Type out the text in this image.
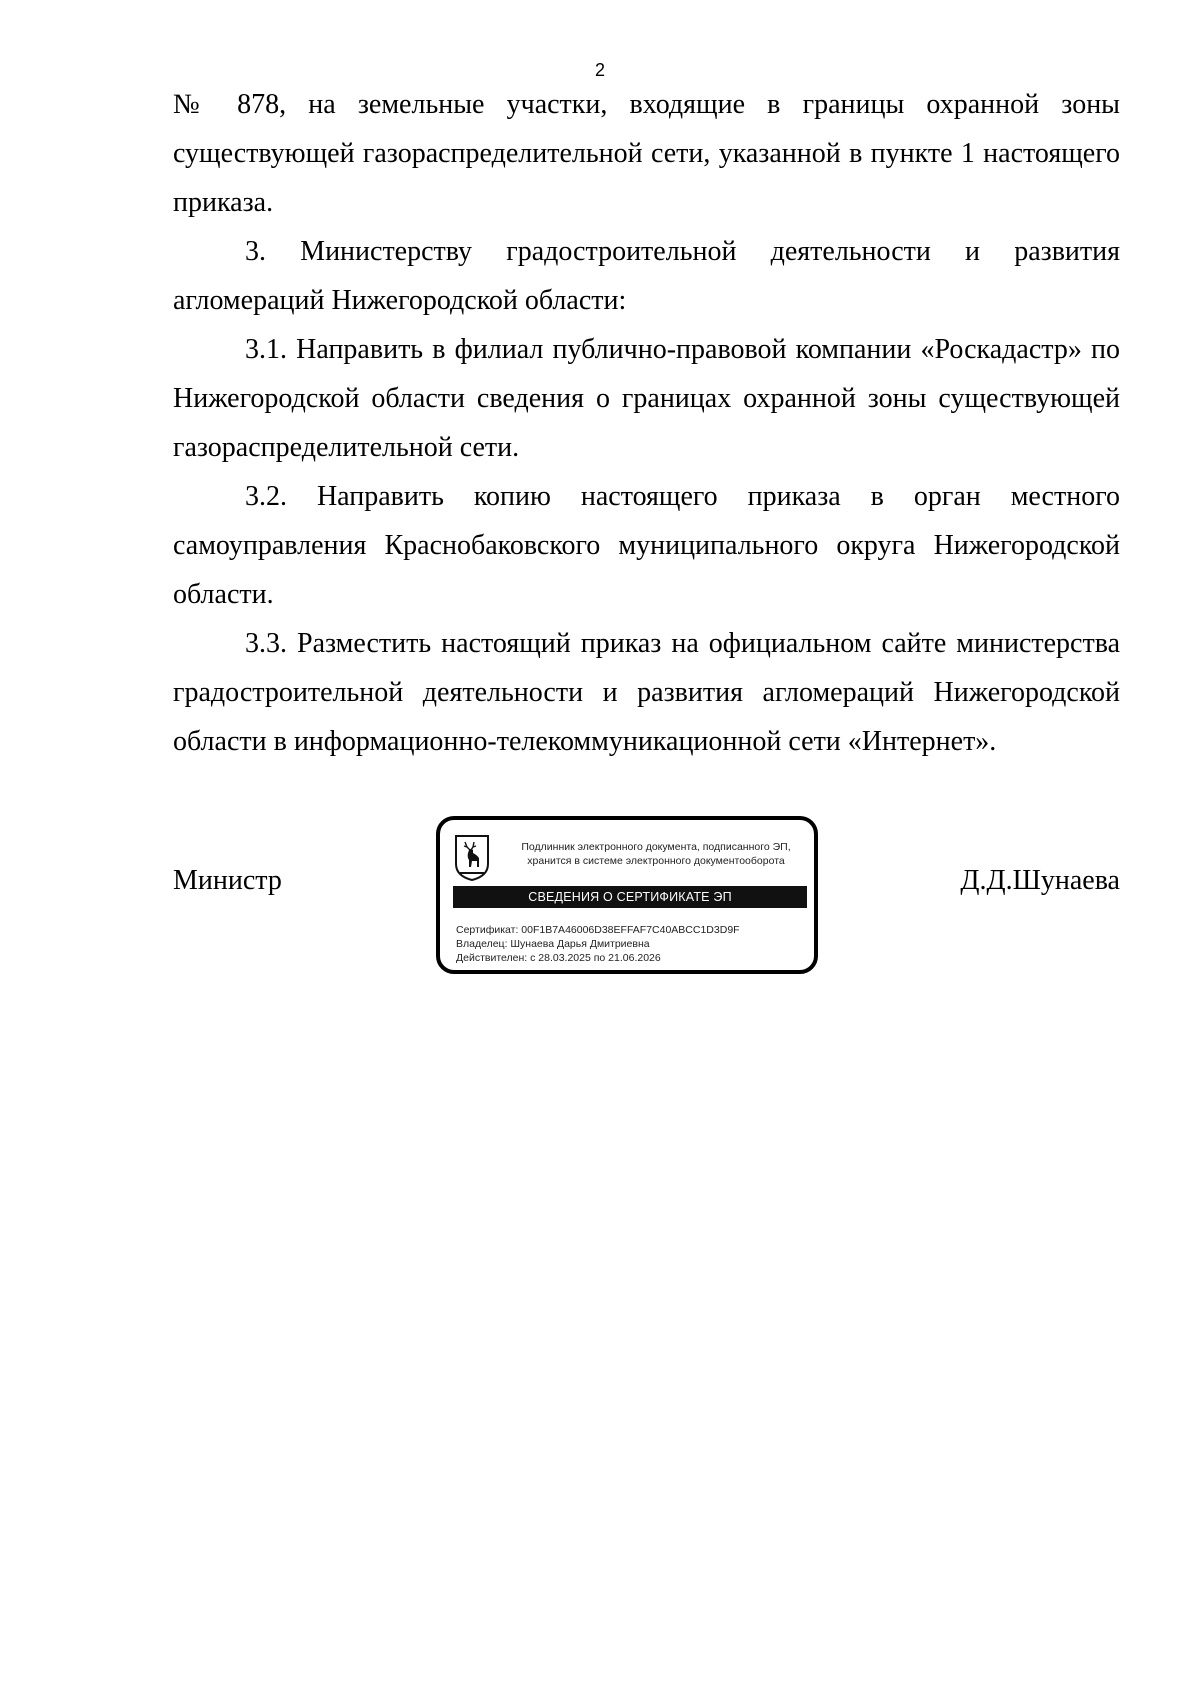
2

№ 878, на земельные участки, входящие в границы охранной зоны существующей газораспределительной сети, указанной в пункте 1 настоящего приказа.

3. Министерству градостроительной деятельности и развития агломераций Нижегородской области:

3.1. Направить в филиал публично-правовой компании «Роскадастр» по Нижегородской области сведения о границах охранной зоны существующей газораспределительной сети.

3.2. Направить копию настоящего приказа в орган местного самоуправления Краснобаковского муниципального округа Нижегородской области.

3.3. Разместить настоящий приказ на официальном сайте министерства градостроительной деятельности и развития агломераций Нижегородской области в информационно-телекоммуникационной сети «Интернет».

Министр
Подлинник электронного документа, подписанного ЭП,
хранится в системе электронного документооборота
СВЕДЕНИЯ О СЕРТИФИКАТЕ ЭП
Сертификат: 00F1B7A46006D38EFFAF7C40ABCC1D3D9F
Владелец: Шунаева Дарья Дмитриевна
Действителен: с 28.03.2025 по 21.06.2026
Д.Д.Шунаева
